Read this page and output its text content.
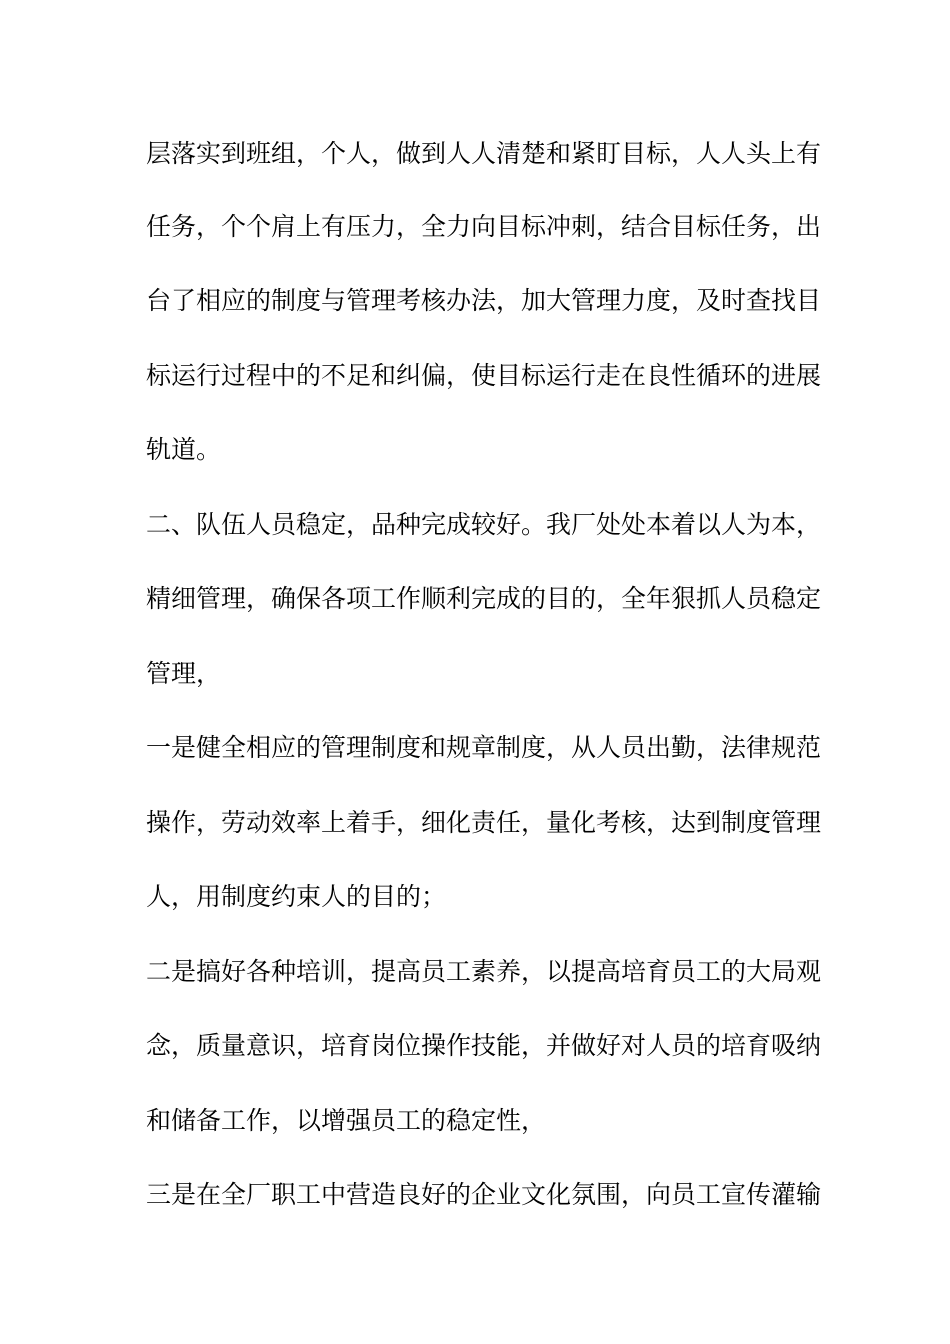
层落实到班组，个人，做到人人清楚和紧盯目标，人人头上有
任务，个个肩上有压力，全力向目标冲刺，结合目标任务，出
台了相应的制度与管理考核办法，加大管理力度，及时查找目
标运行过程中的不足和纠偏，使目标运行走在良性循环的进展
轨道。
二、队伍人员稳定，品种完成较好。我厂处处本着以人为本，
精细管理，确保各项工作顺利完成的目的，全年狠抓人员稳定
管理，
一是健全相应的管理制度和规章制度，从人员出勤，法律规范
操作，劳动效率上着手，细化责任，量化考核，达到制度管理
人，用制度约束人的目的；
二是搞好各种培训，提高员工素养，以提高培育员工的大局观
念，质量意识，培育岗位操作技能，并做好对人员的培育吸纳
和储备工作，以增强员工的稳定性，
三是在全厂职工中营造良好的企业文化氛围，向员工宣传灌输
